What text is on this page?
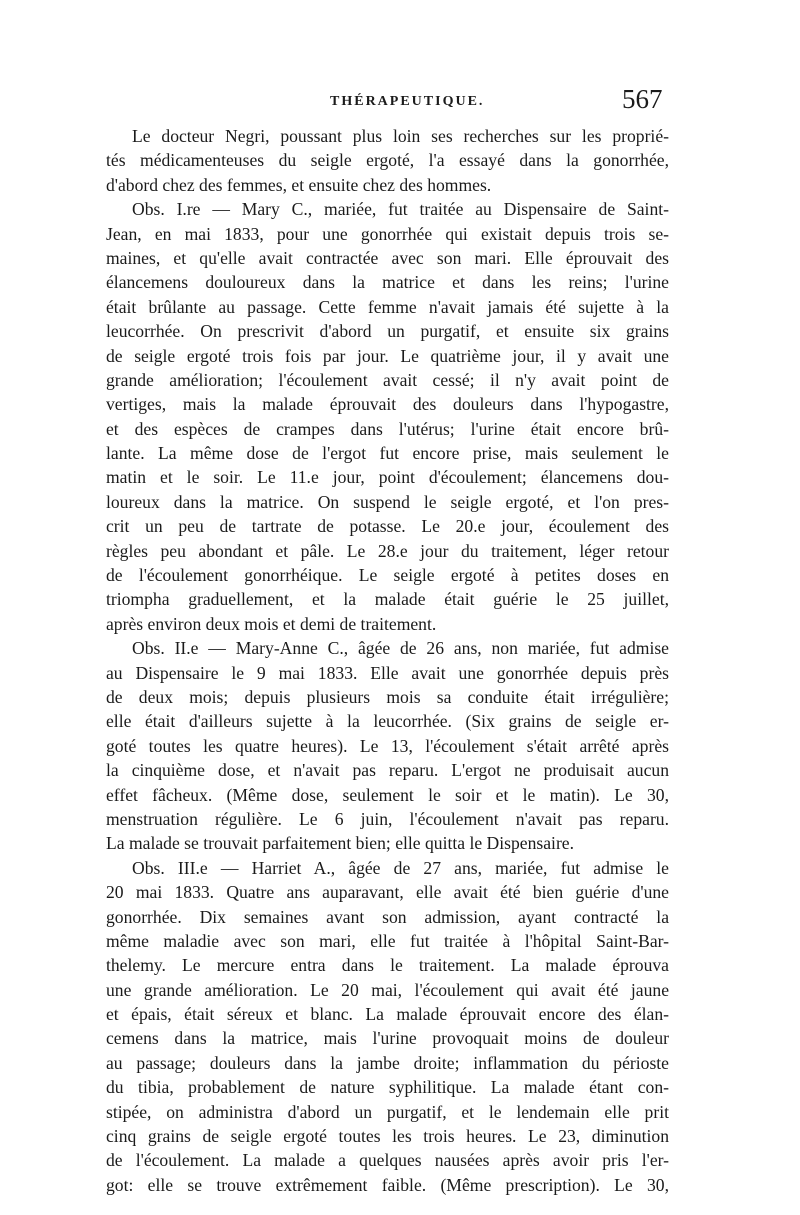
THÉRAPEUTIQUE.	567
Le docteur Negri, poussant plus loin ses recherches sur les proprié-
tés médicamenteuses du seigle ergoté, l'a essayé dans la gonorrhée,
d'abord chez des femmes, et ensuite chez des hommes.
Obs. I.re — Mary C., mariée, fut traitée au Dispensaire de Saint-
Jean, en mai 1833, pour une gonorrhée qui existait depuis trois se-
maines, et qu'elle avait contractée avec son mari. Elle éprouvait des
élancemens douloureux dans la matrice et dans les reins; l'urine
était brûlante au passage. Cette femme n'avait jamais été sujette à la
leucorrhée. On prescrivit d'abord un purgatif, et ensuite six grains
de seigle ergoté trois fois par jour. Le quatrième jour, il y avait une
grande amélioration; l'écoulement avait cessé; il n'y avait point de
vertiges, mais la malade éprouvait des douleurs dans l'hypogastre,
et des espèces de crampes dans l'utérus; l'urine était encore brû-
lante. La même dose de l'ergot fut encore prise, mais seulement le
matin et le soir. Le 11.e jour, point d'écoulement; élancemens dou-
loureux dans la matrice. On suspend le seigle ergoté, et l'on pres-
crit un peu de tartrate de potasse. Le 20.e jour, écoulement des
règles peu abondant et pâle. Le 28.e jour du traitement, léger retour
de l'écoulement gonorrhéique. Le seigle ergoté à petites doses en
triompha graduellement, et la malade était guérie le 25 juillet,
après environ deux mois et demi de traitement.
Obs. II.e — Mary-Anne C., âgée de 26 ans, non mariée, fut admise
au Dispensaire le 9 mai 1833. Elle avait une gonorrhée depuis près
de deux mois; depuis plusieurs mois sa conduite était irrégulière;
elle était d'ailleurs sujette à la leucorrhée. (Six grains de seigle er-
goté toutes les quatre heures). Le 13, l'écoulement s'était arrêté après
la cinquième dose, et n'avait pas reparu. L'ergot ne produisait aucun
effet fâcheux. (Même dose, seulement le soir et le matin). Le 30,
menstruation régulière. Le 6 juin, l'écoulement n'avait pas reparu.
La malade se trouvait parfaitement bien; elle quitta le Dispensaire.
Obs. III.e — Harriet A., âgée de 27 ans, mariée, fut admise le
20 mai 1833. Quatre ans auparavant, elle avait été bien guérie d'une
gonorrhée. Dix semaines avant son admission, ayant contracté la
même maladie avec son mari, elle fut traitée à l'hôpital Saint-Bar-
thelemy. Le mercure entra dans le traitement. La malade éprouva
une grande amélioration. Le 20 mai, l'écoulement qui avait été jaune
et épais, était séreux et blanc. La malade éprouvait encore des élan-
cemens dans la matrice, mais l'urine provoquait moins de douleur
au passage; douleurs dans la jambe droite; inflammation du périoste
du tibia, probablement de nature syphilitique. La malade étant con-
stipée, on administra d'abord un purgatif, et le lendemain elle prit
cinq grains de seigle ergoté toutes les trois heures. Le 23, diminution
de l'écoulement. La malade a quelques nausées après avoir pris l'er-
got: elle se trouve extrêmement faible. (Même prescription). Le 30,
